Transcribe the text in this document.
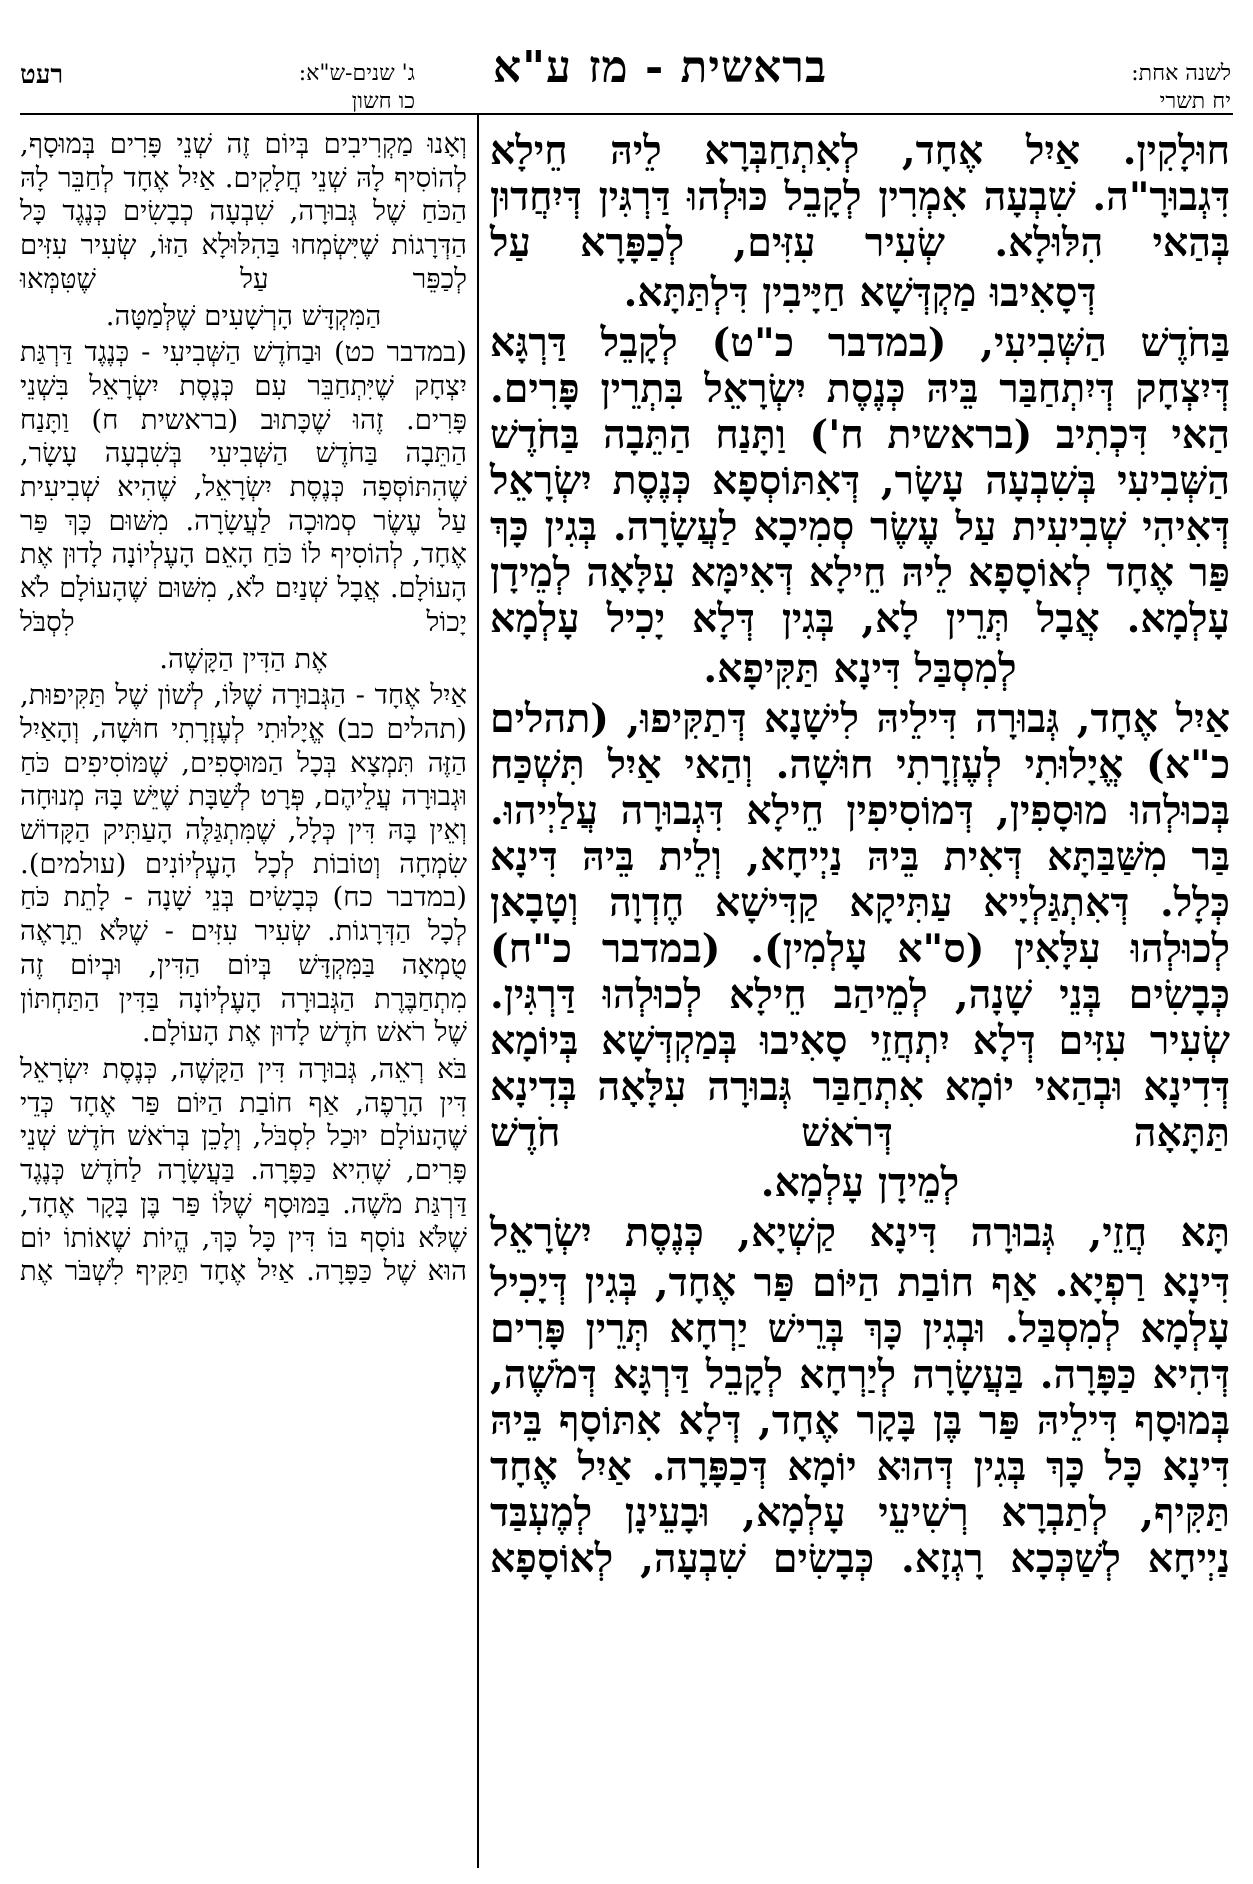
לשנה אחת:
יח תשרי
בראשית - מז ע"א
ג' שנים-ש"א:
כו חשון
רעט

חוּלָקִין. אַיִל אֶחָד, לְאִתְחַבְּרָא לֵיהּ חֵילָא דִּגְבוּרָ"ה. שִׁבְעָה אִמְרִין לְקָבֵל כּוּלְהוּ דַּרְגִּין דְּיִחֲדוּן בְּהַאי הִלּוּלָא. שְׂעִיר עִזִּים, לְכַפָּרָא עַל

דְּסָאִיבוּ מַקְדְּשָׁא חַיָּיבִין דִּלְתַּתָּא.

בַּחֹדֶשׁ הַשְּׁבִיעִי, (במדבר כ"ט) לְקָבֵל דַּרְגָּא דְּיִצְחָק דְּיִתְחַבַּר בֵּיהּ כְּנֶסֶת יִשְׂרָאֵל בִּתְרֵין פָּרִים. הַאי דִּכְתִיב (בראשית ח') וַתָּנַח הַתֵּבָה בַּחֹדֶשׁ הַשְּׁבִיעִי בְּשִׁבְעָה עָשָׂר, דְּאִתּוֹסְפָא כְּנֶסֶת יִשְׂרָאֵל דְּאִיהִי שְׁבִיעִית עַל עֶשֶׂר סְמִיכָא לַעֲשָׂרָה. בְּגִין כָּךְ פַּר אֶחָד לְאוֹסָפָא לֵיהּ חֵילָא דְּאִימָּא עִלָּאָה לְמֵידָן עָלְמָא. אֲבָל תְּרֵין לָא, בְּגִין דְּלָא יָכִיל עָלְמָא

לְמִסְבַּל דִּינָא תַּקִּיפָא.

אַיִל אֶחָד, גְּבוּרָה דִּילֵיהּ לִישָׁנָא דְּתַקִּיפוּ, (תהלים כ"א) אֱיָלוּתִי לְעֶזְרָתִי חוּשָׁה. וְהַאי אַיִל תִּשְׁכַּח בְּכוּלְהוּ מוּסָפִין, דְּמוֹסִיפִין חֵילָא דִּגְבוּרָה עֲלַיְיהוּ. בַּר מִשַּׁבַּתָּא דְּאִית בֵּיהּ נַיְיחָא, וְלֵית בֵּיהּ דִּינָא כְּלָל. דְּאִתְגַּלְיָיא עַתִּיקָא קַדִּישָׁא חֶדְוָה וְטָבָאן לְכוּלְהוּ עִלָּאִין (ס"א עָלְמִין). (במדבר כ"ח) כְּבָשִׂים בְּנֵי שָׁנָה, לְמֵיהַב חֵילָא לְכוּלְהוּ דַּרְגִּין. שְׂעִיר עִזִּים דְּלָא יִתְחֲזֵי סָאִיבוּ בְּמַקְדְּשָׁא בְּיוֹמָא דְּדִינָא וּבְהַאי יוֹמָא אִתְחַבַּר גְּבוּרָה עִלָּאָה בְּדִינָא תַּתָּאָה דְּרֹאשׁ חֹדֶשׁ

לְמֵידָן עָלְמָא.

תָּא חֲזֵי, גְּבוּרָה דִּינָא קַשְׁיָא, כְּנֶסֶת יִשְׂרָאֵל

דִּינָא רַפְיָא. אַף חוֹבַת הַיּוֹם פַּר אֶחָד, בְּגִין דְּיָכִיל עָלְמָא לְמִסְבַּל. וּבְגִין כָּךְ בְּרֵישׁ יַרְחָא תְּרֵין פָּרִים דְּהִיא כַּפָּרָה. בַּעֲשָׂרָה לְיַרְחָא לְקָבֵל דַּרְגָּא דְּמֹשֶׁה, בְּמוּסָף דִּילֵיהּ פַּר בֶּן בָּקָר אֶחָד, דְּלָא אִתּוֹסָף בֵּיהּ דִּינָא כָּל כָּךְ בְּגִין דְּהוּא יוֹמָא דְּכַפָּרָה. אַיִל אֶחָד תַּקִּיף, לְתַבְרָא רְשִׁיעֵי עָלְמָא, וּבָעֵינָן לְמֶעְבַּד נַיְיחָא לְשַׁכְּכָא רָגְזָא. כְּבָשִׂים שִׁבְעָה, לְאוֹסָפָא

וְאָנוּ מַקְרִיבִים בְּיוֹם זֶה שְׁנֵי פָּרִים בְּמוּסָף, לְהוֹסִיף לָהּ שְׁנֵי חֲלָקִים. אַיִל אֶחָד לְחַבֵּר לָהּ הַכֹּחַ שֶׁל גְּבוּרָה, שִׁבְעָה כְבָשִׂים כְּנֶגֶד כָּל הַדְּרָגוֹת שֶׁיִּשְׂמְחוּ בַּהִלּוּלָא הַזּוֹ, שְׂעִיר עִזִּים לְכַפֵּר עַל שֶׁטִּמְּאוּ

הַמִּקְדָּשׁ הָרְשָׁעִים שֶׁלְּמַטָּה.

(במדבר כט) וּבַחֹדֶשׁ הַשְּׁבִיעִי - כְּנֶגֶד דַּרְגַּת יִצְחָק שֶׁיִּתְחַבֵּר עִם כְּנֶסֶת יִשְׂרָאֵל בִּשְׁנֵי פָּרִים. זֶהוּ שֶׁכָּתוּב (בראשית ח) וַתָּנַח הַתֵּבָה בַּחֹדֶשׁ הַשְּׁבִיעִי בְּשִׁבְעָה עָשָׂר, שֶׁהִתּוֹסְּפָה כְּנֶסֶת יִשְׂרָאֵל, שֶׁהִיא שְׁבִיעִית עַל עֶשֶׂר סְמוּכָה לַעֲשָׂרָה. מִשּׁוּם כָּךְ פַּר אֶחָד, לְהוֹסִיף לוֹ כֹּחַ הָאֵם הָעֶלְיוֹנָה לָדוּן אֶת הָעוֹלָם. אֲבָל שְׁנַיִם לֹא, מִשּׁוּם שֶׁהָעוֹלָם לֹא יָכוֹל לִסְבֹּל

אֶת הַדִּין הַקָּשֶׁה.

אַיִל אֶחָד - הַגְּבוּרָה שֶׁלּוֹ, לְשׁוֹן שֶׁל תַּקִּיפוּת, (תהלים כב) אֱיָלוּתִי לְעֶזְרָתִי חוּשָׁה, וְהָאַיִל הַזֶּה תִּמְצָא בְּכָל הַמּוּסָפִים, שֶׁמּוֹסִיפִים כֹּחַ וּגְבוּרָה עֲלֵיהֶם, פְּרָט לְשַׁבָּת שֶׁיֵּשׁ בָּהּ מְנוּחָה וְאֵין בָּהּ דִּין כְּלָל, שֶׁמִּתְגַּלֶּה הָעַתִּיק הַקָּדוֹשׁ שִׂמְחָה וְטוֹבוֹת לְכָל הָעֶלְיוֹנִים (עולמים). (במדבר כח) כְּבָשִׂים בְּנֵי שָׁנָה - לָתֵת כֹּחַ לְכָל הַדְּרָגוֹת. שְׂעִיר עִזִּים - שֶׁלֹּא תֵרָאֶה טֻמְאָה בַּמִּקְדָּשׁ בְּיוֹם הַדִּין, וּבְיוֹם זֶה מִתְחַבֶּרֶת הַגְּבוּרָה הָעֶלְיוֹנָה בַּדִּין הַתַּחְתּוֹן שֶׁל רֹאשׁ חֹדֶשׁ לָדוּן אֶת הָעוֹלָם.

בֹּא רְאֵה, גְּבוּרָה דִּין הַקָּשֶׁה, כְּנֶסֶת יִשְׂרָאֵל דִּין הָרָפֶה, אַף חוֹבַת הַיּוֹם פַּר אֶחָד כְּדֵי שֶׁהָעוֹלָם יוּכַל לִסְבֹּל, וְלָכֵן בְּרֹאשׁ חֹדֶשׁ שְׁנֵי פָּרִים, שֶׁהִיא כַּפָּרָה. בַּעֲשָׂרָה לַחֹדֶשׁ כְּנֶגֶד דַּרְגַּת מֹשֶׁה. בַּמּוּסָף שֶׁלּוֹ פַּר בֶּן בָּקָר אֶחָד, שֶׁלֹּא נוֹסָף בּוֹ דִּין כָּל כָּךְ, הֱיוֹת שֶׁאוֹתוֹ יוֹם הוּא שֶׁל כַּפָּרָה. אַיִל אֶחָד תַּקִּיף לִשְׁבֹּר אֶת
